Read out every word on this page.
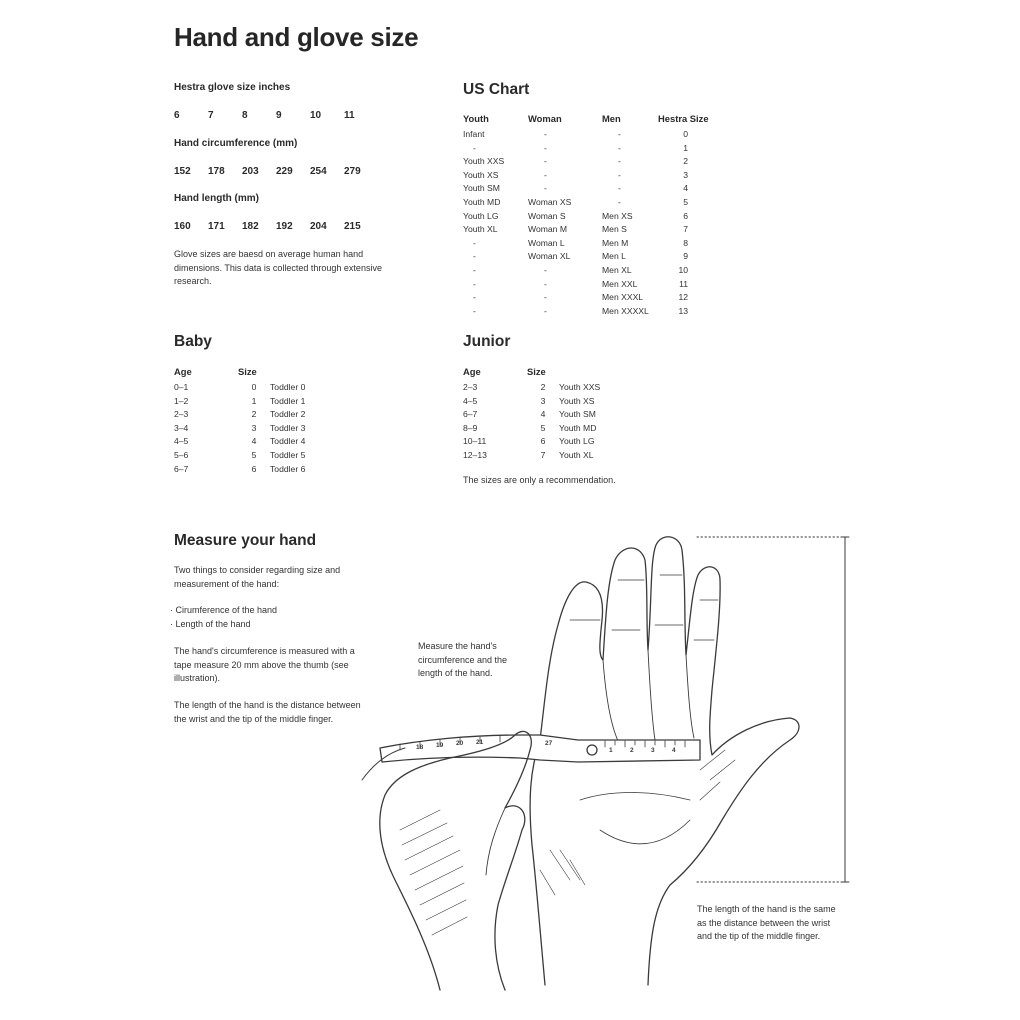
Hand and glove size
Hestra glove size inches
6	7	8	9	10	11
Hand circumference (mm)
152	178	203	229	254	279
Hand length (mm)
160	171	182	192	204	215
Glove sizes are baesd on average human hand dimensions. This data is collected through extensive research.
US Chart
Youth	Woman	Men	Hestra Size
Infant	-	-	0
-	-	-	1
Youth XXS	-	-	2
Youth XS	-	-	3
Youth SM	-	-	4
Youth MD	Woman XS	-	5
Youth LG	Woman S	Men XS	6
Youth XL	Woman M	Men S	7
-	Woman L	Men M	8
-	Woman XL	Men L	9
-	-	Men XL	10
-	-	Men XXL	11
-	-	Men XXXL	12
-	-	Men XXXXL	13
Baby
Age	Size	
0–1	0	Toddler 0
1–2	1	Toddler 1
2–3	2	Toddler 2
3–4	3	Toddler 3
4–5	4	Toddler 4
5–6	5	Toddler 5
6–7	6	Toddler 6
Junior
Age	Size	
2–3	2	Youth XXS
4–5	3	Youth XS
6–7	4	Youth SM
8–9	5	Youth MD
10–11	6	Youth LG
12–13	7	Youth XL
The sizes are only a recommendation.
Measure your hand
Two things to consider regarding size and measurement of the hand:
· Cirumference of the hand
· Length of the hand
The hand's circumference is measured with a tape measure 20 mm above the thumb (see illustration).
The length of the hand is the distance between the wrist and the tip of the middle finger.
Measure the hand's circumference and the length of the hand.
The length of the hand is the same as the distance between the wrist and the tip of the middle finger.
27
1	2	3	4
21
20
19
18
